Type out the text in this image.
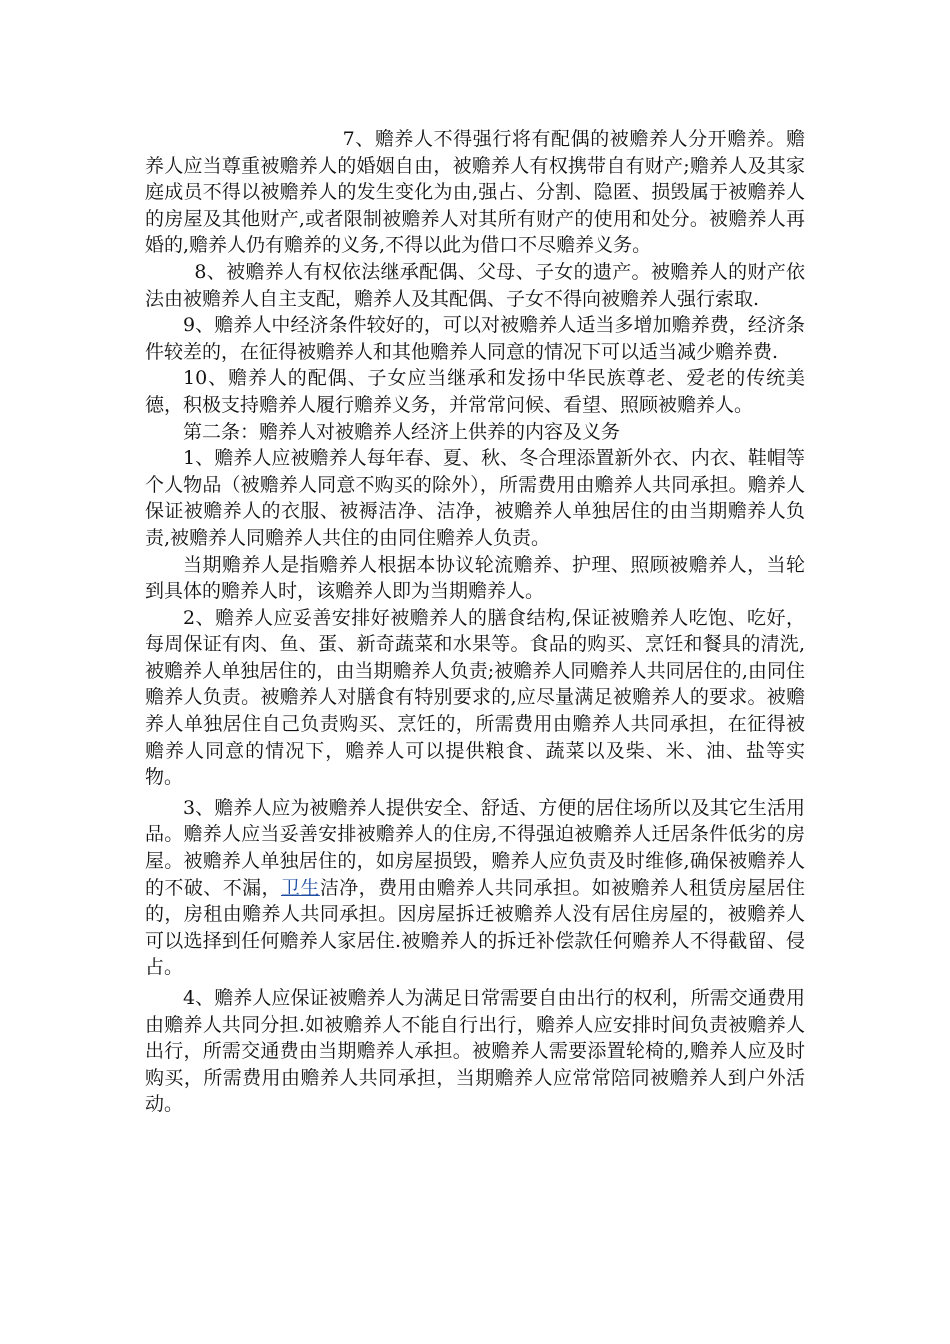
7、赡养人不得强行将有配偶的被赡养人分开赡养。赡养人应当尊重被赡养人的婚姻自由，被赡养人有权携带自有财产;赡养人及其家庭成员不得以被赡养人的发生变化为由,强占、分割、隐匿、损毁属于被赡养人的房屋及其他财产,或者限制被赡养人对其所有财产的使用和处分。被赡养人再婚的,赡养人仍有赡养的义务,不得以此为借口不尽赡养义务。

8、被赡养人有权依法继承配偶、父母、子女的遗产。被赡养人的财产依法由被赡养人自主支配，赡养人及其配偶、子女不得向被赡养人强行索取.

9、赡养人中经济条件较好的，可以对被赡养人适当多增加赡养费，经济条件较差的，在征得被赡养人和其他赡养人同意的情况下可以适当减少赡养费.

10、赡养人的配偶、子女应当继承和发扬中华民族尊老、爱老的传统美德，积极支持赡养人履行赡养义务，并常常问候、看望、照顾被赡养人。

第二条：赡养人对被赡养人经济上供养的内容及义务

1、赡养人应被赡养人每年春、夏、秋、冬合理添置新外衣、内衣、鞋帽等个人物品（被赡养人同意不购买的除外），所需费用由赡养人共同承担。赡养人保证被赡养人的衣服、被褥洁净、洁净，被赡养人单独居住的由当期赡养人负责,被赡养人同赡养人共住的由同住赡养人负责。

当期赡养人是指赡养人根据本协议轮流赡养、护理、照顾被赡养人，当轮到具体的赡养人时，该赡养人即为当期赡养人。

2、赡养人应妥善安排好被赡养人的膳食结构,保证被赡养人吃饱、吃好，每周保证有肉、鱼、蛋、新奇蔬菜和水果等。食品的购买、烹饪和餐具的清洗,被赡养人单独居住的，由当期赡养人负责;被赡养人同赡养人共同居住的,由同住赡养人负责。被赡养人对膳食有特别要求的,应尽量满足被赡养人的要求。被赡养人单独居住自己负责购买、烹饪的，所需费用由赡养人共同承担，在征得被赡养人同意的情况下，赡养人可以提供粮食、蔬菜以及柴、米、油、盐等实物。

3、赡养人应为被赡养人提供安全、舒适、方便的居住场所以及其它生活用品。赡养人应当妥善安排被赡养人的住房,不得强迫被赡养人迁居条件低劣的房屋。被赡养人单独居住的，如房屋损毁，赡养人应负责及时维修,确保被赡养人的不破、不漏，卫生洁净，费用由赡养人共同承担。如被赡养人租赁房屋居住的，房租由赡养人共同承担。因房屋拆迁被赡养人没有居住房屋的，被赡养人可以选择到任何赡养人家居住.被赡养人的拆迁补偿款任何赡养人不得截留、侵占。

4、赡养人应保证被赡养人为满足日常需要自由出行的权利，所需交通费用由赡养人共同分担.如被赡养人不能自行出行，赡养人应安排时间负责被赡养人出行，所需交通费由当期赡养人承担。被赡养人需要添置轮椅的,赡养人应及时购买，所需费用由赡养人共同承担，当期赡养人应常常陪同被赡养人到户外活动。
